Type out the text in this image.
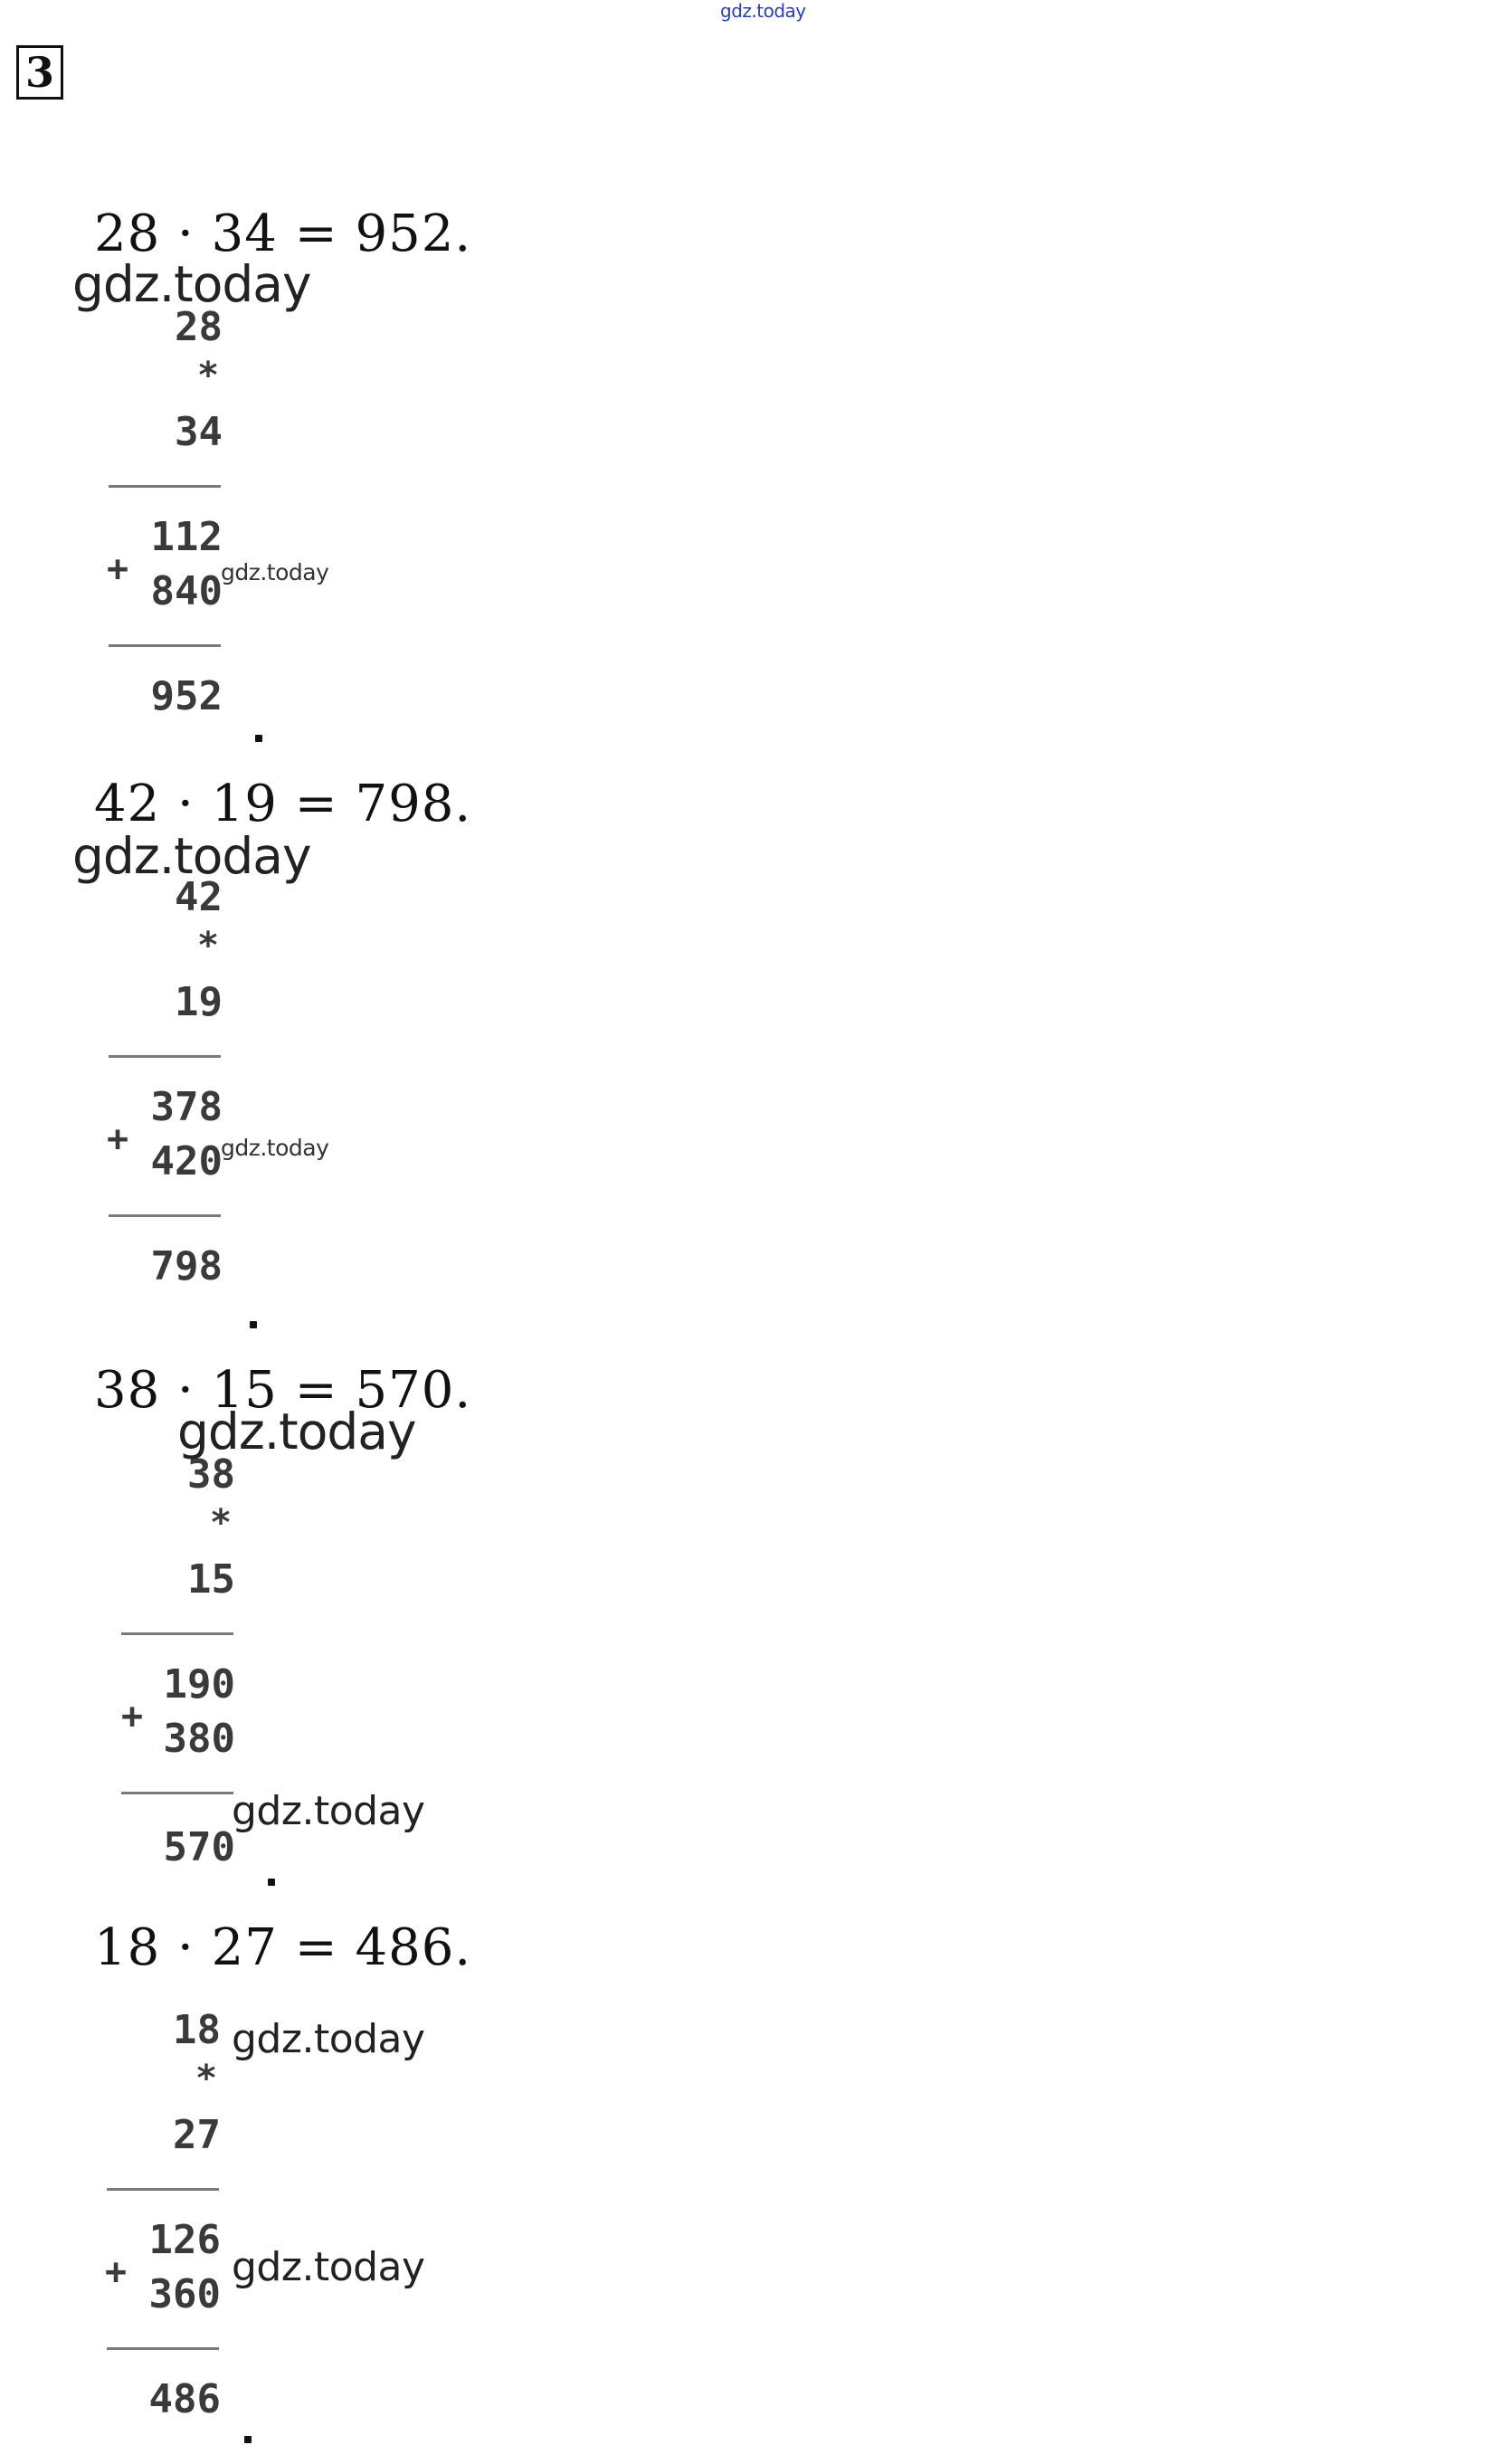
gdz.today
3
28 · 34 = 952.
gdz.today
28
*
34
112
+ 840
gdz.today
952
42 · 19 = 798.
gdz.today
42
*
19
378
+ 420
gdz.today
798
38 · 15 = 570.
gdz.today
38
*
15
190
+ 380
gdz.today
570
18 · 27 = 486.
18 gdz.today
*
27
126
+ 360
gdz.today
486
